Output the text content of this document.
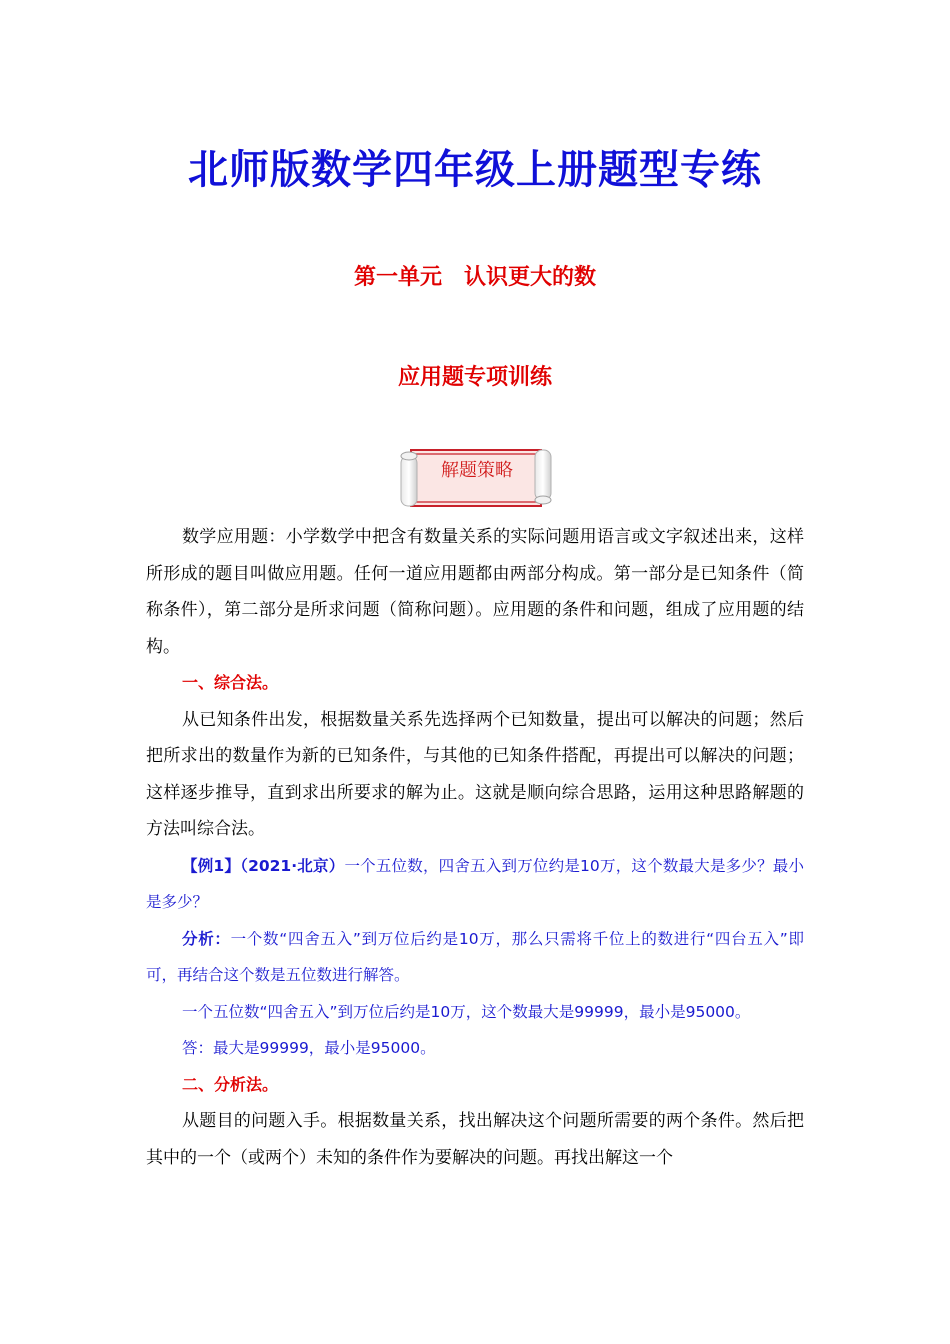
北师版数学四年级上册题型专练
第一单元　认识更大的数
应用题专项训练
解题策略

数学应用题：小学数学中把含有数量关系的实际问题用语言或文字叙述出来，这样所形成的题目叫做应用题。任何一道应用题都由两部分构成。第一部分是已知条件（简称条件），第二部分是所求问题（简称问题）。应用题的条件和问题，组成了应用题的结构。

一、综合法。

从已知条件出发，根据数量关系先选择两个已知数量，提出可以解决的问题；然后把所求出的数量作为新的已知条件，与其他的已知条件搭配，再提出可以解决的问题；这样逐步推导，直到求出所要求的解为止。这就是顺向综合思路，运用这种思路解题的方法叫综合法。

【例1】（2021·北京）一个五位数，四舍五入到万位约是10万，这个数最大是多少？最小是多少？

分析：一个数“四舍五入”到万位后约是10万，那么只需将千位上的数进行“四台五入”即可，再结合这个数是五位数进行解答。

一个五位数“四舍五入”到万位后约是10万，这个数最大是99999，最小是95000。

答：最大是99999，最小是95000。

二、分析法。

从题目的问题入手。根据数量关系，找出解决这个问题所需要的两个条件。然后把其中的一个（或两个）未知的条件作为要解决的问题。再找出解这一个
